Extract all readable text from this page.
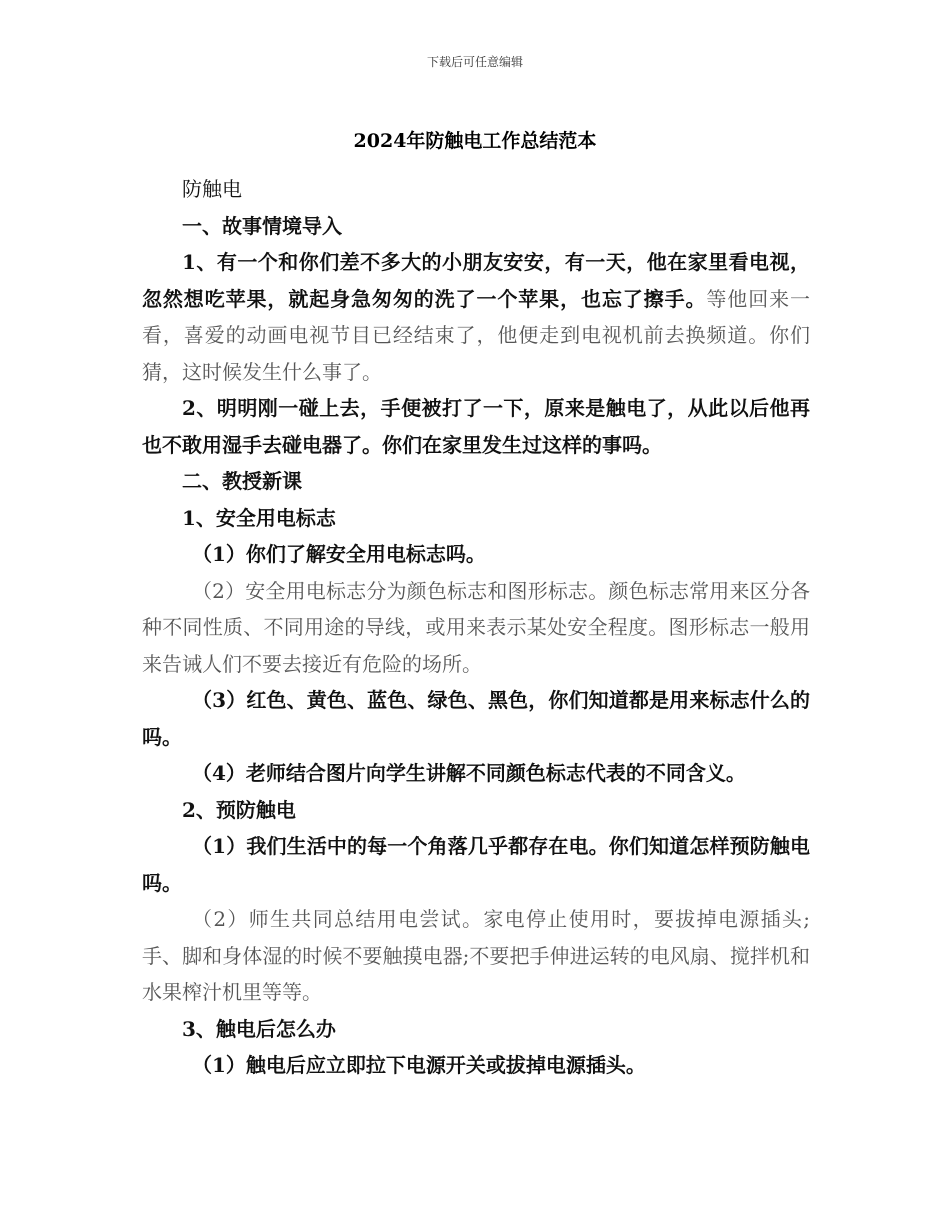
下载后可任意编辑
2024年防触电工作总结范本

防触电

一、故事情境导入

1、有一个和你们差不多大的小朋友安安，有一天，他在家里看电视，忽然想吃苹果，就起身急匆匆的洗了一个苹果，也忘了擦手。等他回来一看，喜爱的动画电视节目已经结束了，他便走到电视机前去换频道。你们猜，这时候发生什么事了。

2、明明刚一碰上去，手便被打了一下，原来是触电了，从此以后他再也不敢用湿手去碰电器了。你们在家里发生过这样的事吗。

二、教授新课

1、安全用电标志

（1）你们了解安全用电标志吗。

（2）安全用电标志分为颜色标志和图形标志。颜色标志常用来区分各种不同性质、不同用途的导线，或用来表示某处安全程度。图形标志一般用来告诫人们不要去接近有危险的场所。

（3）红色、黄色、蓝色、绿色、黑色，你们知道都是用来标志什么的吗。

（4）老师结合图片向学生讲解不同颜色标志代表的不同含义。

2、预防触电

（1）我们生活中的每一个角落几乎都存在电。你们知道怎样预防触电吗。

（2）师生共同总结用电尝试。家电停止使用时，要拔掉电源插头;手、脚和身体湿的时候不要触摸电器;不要把手伸进运转的电风扇、搅拌机和水果榨汁机里等等。

3、触电后怎么办

（1）触电后应立即拉下电源开关或拔掉电源插头。
